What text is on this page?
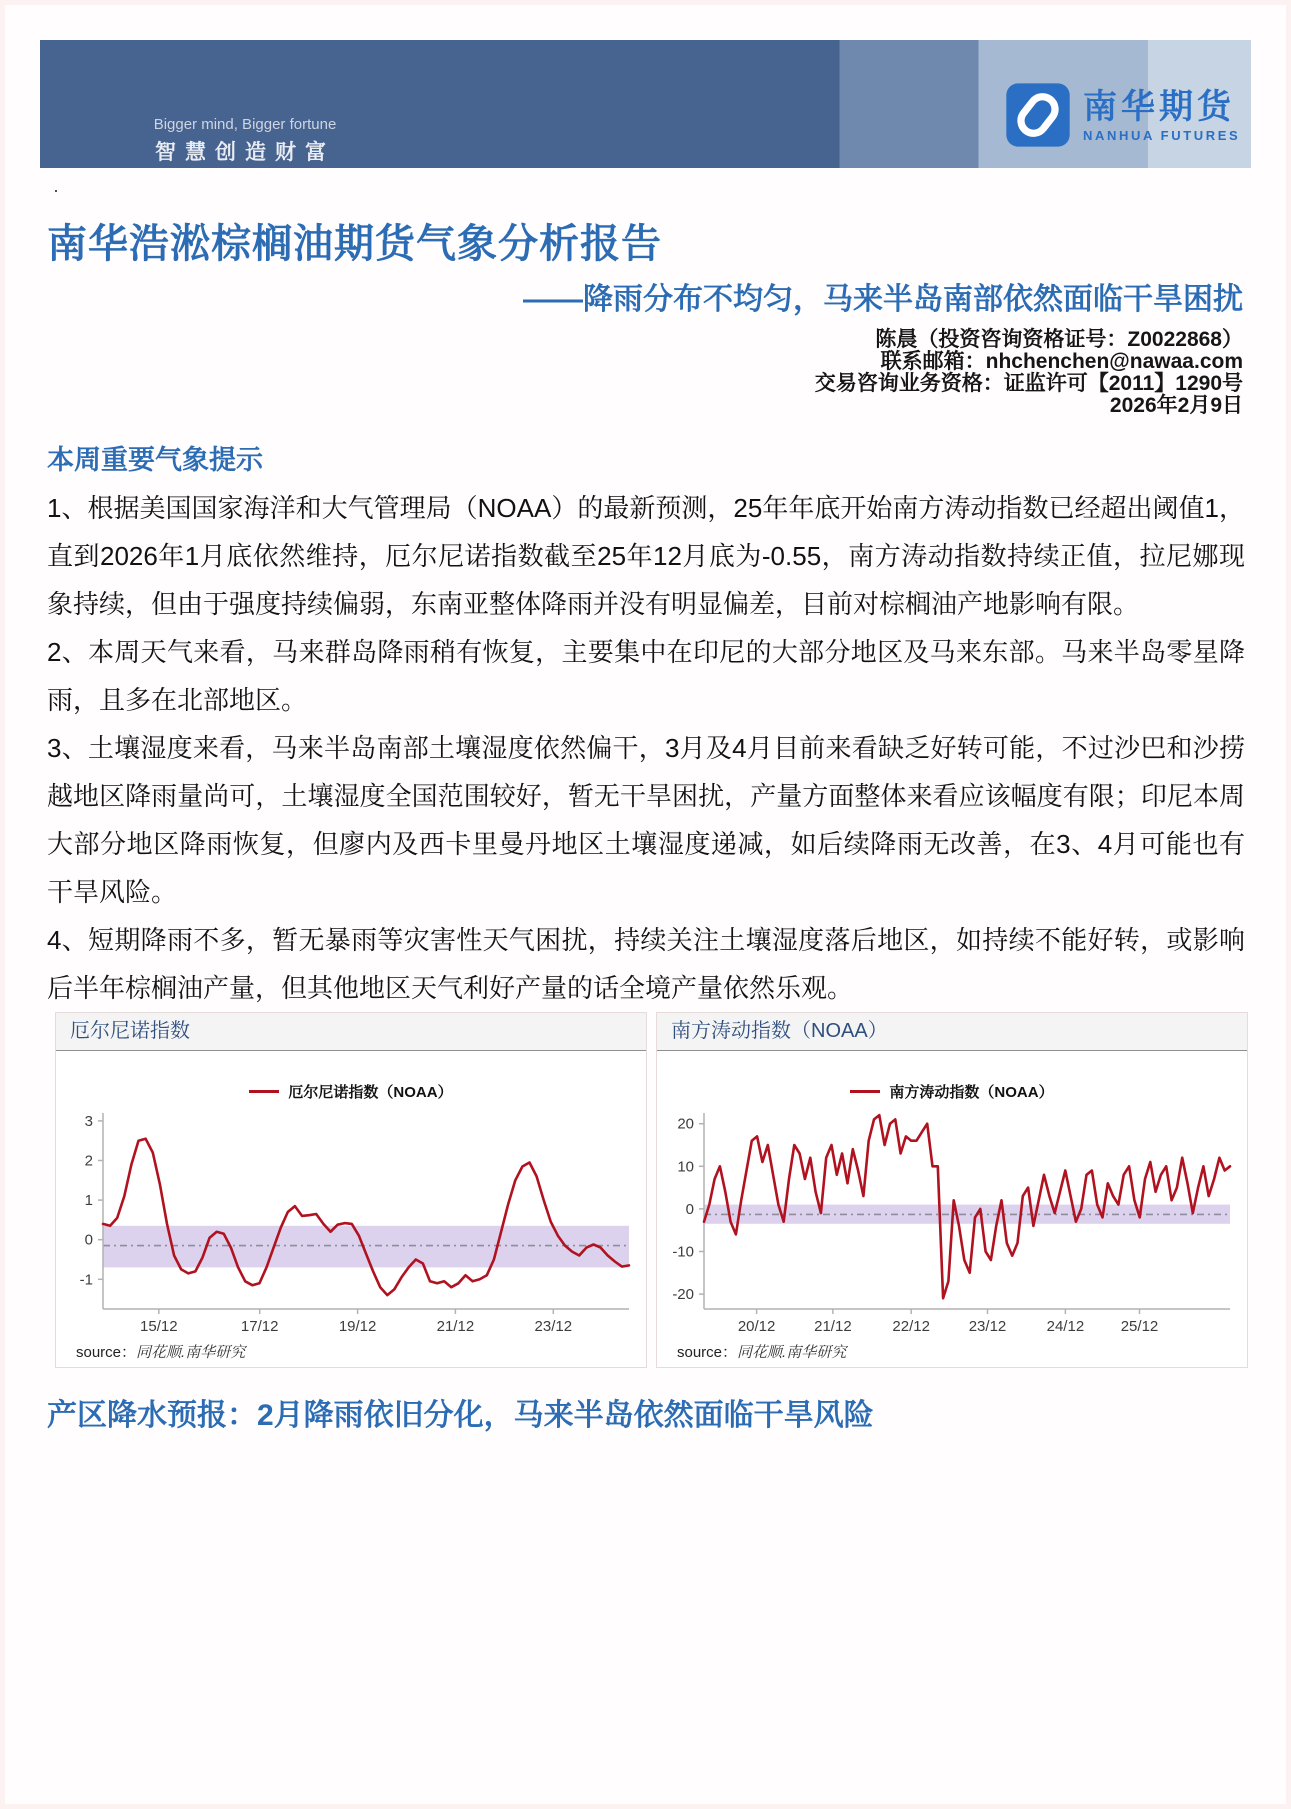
Bigger mind, Bigger fortune
智慧创造财富
南华期货
NANHUA FUTURES
·
南华浩淞棕榈油期货气象分析报告
——降雨分布不均匀，马来半岛南部依然面临干旱困扰
陈晨（投资咨询资格证号：Z0022868）
联系邮箱：nhchenchen@nawaa.com
交易咨询业务资格：证监许可【2011】1290号
2026年2月9日
本周重要气象提示

1、根据美国国家海洋和大气管理局（NOAA）的最新预测，25年年底开始南方涛动指数已经超出阈值1，直到2026年1月底依然维持，厄尔尼诺指数截至25年12月底为-0.55，南方涛动指数持续正值，拉尼娜现象持续，但由于强度持续偏弱，东南亚整体降雨并没有明显偏差，目前对棕榈油产地影响有限。

2、本周天气来看，马来群岛降雨稍有恢复，主要集中在印尼的大部分地区及马来东部。马来半岛零星降雨，且多在北部地区。

3、土壤湿度来看，马来半岛南部土壤湿度依然偏干，3月及4月目前来看缺乏好转可能，不过沙巴和沙捞越地区降雨量尚可，土壤湿度全国范围较好，暂无干旱困扰，产量方面整体来看应该幅度有限；印尼本周大部分地区降雨恢复，但廖内及西卡里曼丹地区土壤湿度递减，如后续降雨无改善，在3、4月可能也有干旱风险。

4、短期降雨不多，暂无暴雨等灾害性天气困扰，持续关注土壤湿度落后地区，如持续不能好转，或影响后半年棕榈油产量，但其他地区天气利好产量的话全境产量依然乐观。

厄尔尼诺指数
厄尔尼诺指数（NOAA）
3
2
1
0
-1
15/12	17/12	19/12	21/12	23/12
source：同花顺.南华研究
南方涛动指数（NOAA）
南方涛动指数（NOAA）
20
10
0
-10
-20
20/12	21/12	22/12	23/12	24/12 25/12
source：同花顺.南华研究
产区降水预报：2月降雨依旧分化，马来半岛依然面临干旱风险
